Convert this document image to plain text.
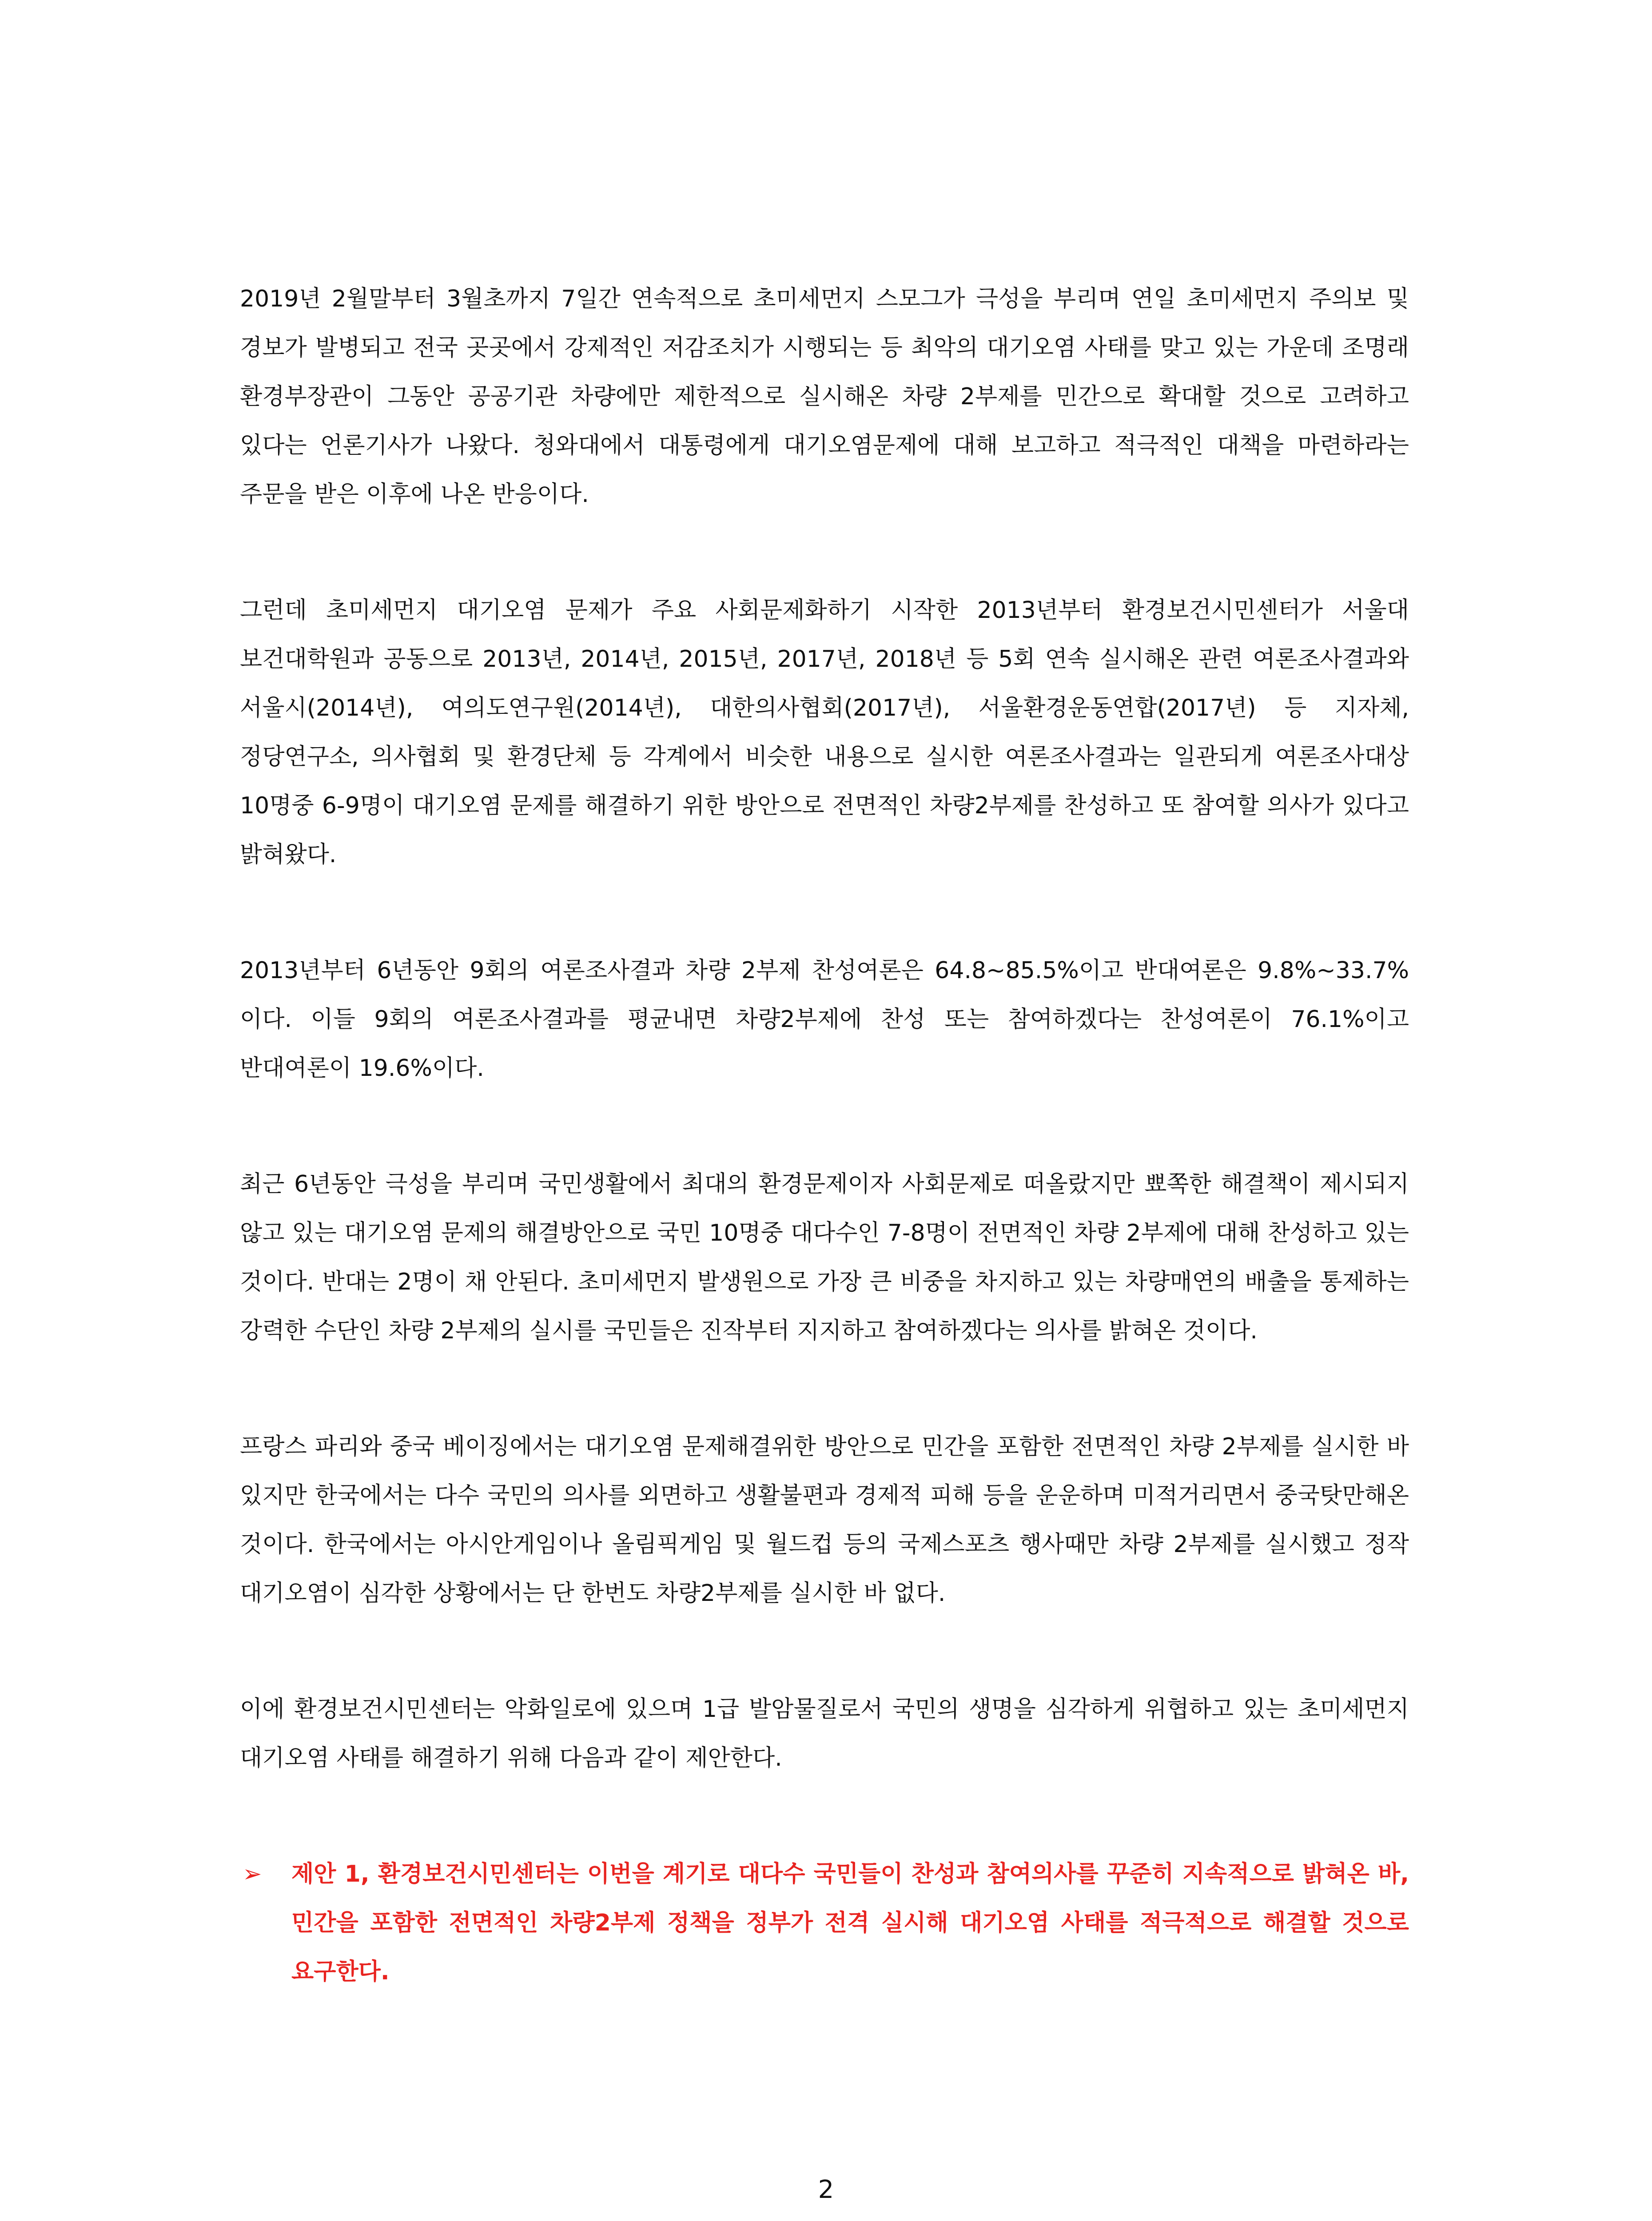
2019년 2월말부터 3월초까지 7일간 연속적으로 초미세먼지 스모그가 극성을 부리며 연일 초미세먼지 주의보 및 경보가 발병되고 전국 곳곳에서 강제적인 저감조치가 시행되는 등 최악의 대기오염 사태를 맞고 있는 가운데 조명래 환경부장관이 그동안 공공기관 차량에만 제한적으로 실시해온 차량 2부제를 민간으로 확대할 것으로 고려하고 있다는 언론기사가 나왔다. 청와대에서 대통령에게 대기오염문제에 대해 보고하고 적극적인 대책을 마련하라는 주문을 받은 이후에 나온 반응이다.

그런데 초미세먼지 대기오염 문제가 주요 사회문제화하기 시작한 2013년부터 환경보건시민센터가 서울대 보건대학원과 공동으로 2013년, 2014년, 2015년, 2017년, 2018년 등 5회 연속 실시해온 관련 여론조사결과와 서울시(2014년), 여의도연구원(2014년), 대한의사협회(2017년), 서울환경운동연합(2017년) 등 지자체, 정당연구소, 의사협회 및 환경단체 등 각계에서 비슷한 내용으로 실시한 여론조사결과는 일관되게 여론조사대상 10명중 6-9명이 대기오염 문제를 해결하기 위한 방안으로 전면적인 차량2부제를 찬성하고 또 참여할 의사가 있다고 밝혀왔다.

2013년부터 6년동안 9회의 여론조사결과 차량 2부제 찬성여론은 64.8~85.5%이고 반대여론은 9.8%~33.7%이다. 이들 9회의 여론조사결과를 평균내면 차량2부제에 찬성 또는 참여하겠다는 찬성여론이 76.1%이고 반대여론이 19.6%이다.

최근 6년동안 극성을 부리며 국민생활에서 최대의 환경문제이자 사회문제로 떠올랐지만 뾰쪽한 해결책이 제시되지 않고 있는 대기오염 문제의 해결방안으로 국민 10명중 대다수인 7-8명이 전면적인 차량 2부제에 대해 찬성하고 있는 것이다. 반대는 2명이 채 안된다. 초미세먼지 발생원으로 가장 큰 비중을 차지하고 있는 차량매연의 배출을 통제하는 강력한 수단인 차량 2부제의 실시를 국민들은 진작부터 지지하고 참여하겠다는 의사를 밝혀온 것이다.

프랑스 파리와 중국 베이징에서는 대기오염 문제해결위한 방안으로 민간을 포함한 전면적인 차량 2부제를 실시한 바 있지만 한국에서는 다수 국민의 의사를 외면하고 생활불편과 경제적 피해 등을 운운하며 미적거리면서 중국탓만해온 것이다. 한국에서는 아시안게임이나 올림픽게임 및 월드컵 등의 국제스포츠 행사때만 차량 2부제를 실시했고 정작 대기오염이 심각한 상황에서는 단 한번도 차량2부제를 실시한 바 없다.

이에 환경보건시민센터는 악화일로에 있으며 1급 발암물질로서 국민의 생명을 심각하게 위협하고 있는 초미세먼지 대기오염 사태를 해결하기 위해 다음과 같이 제안한다.

➢ 제안 1, 환경보건시민센터는 이번을 계기로 대다수 국민들이 찬성과 참여의사를 꾸준히 지속적으로 밝혀온 바, 민간을 포함한 전면적인 차량2부제 정책을 정부가 전격 실시해 대기오염 사태를 적극적으로 해결할 것으로 요구한다.
2
